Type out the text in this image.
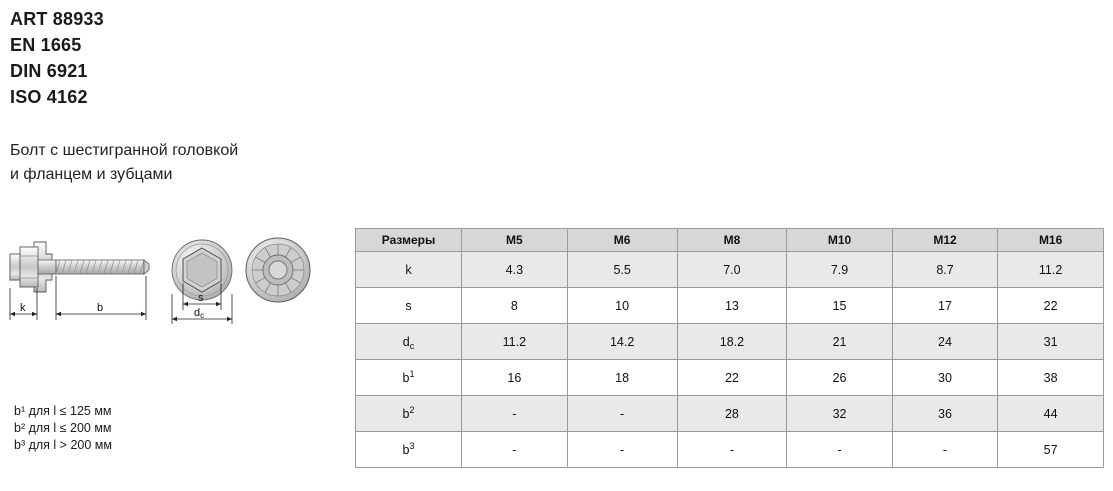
ART 88933
EN 1665
DIN 6921
ISO 4162
Болт с шестигранной головкой
и фланцем и зубцами
k	b
s
dc
b¹ для l ≤ 125 мм
b² для l ≤ 200 мм
b³ для l > 200 мм
Размеры	M5	M6	M8	M10	M12	M16
k	4.3	5.5	7.0	7.9	8.7	11.2
s	8	10	13	15	17	22
$d_c$	11.2	14.2	18.2	21	24	31
$b^1$	16	18	22	26	30	38
$b^2$	-	-	28	32	36	44
$b^3$	-	-	-	-	-	57
